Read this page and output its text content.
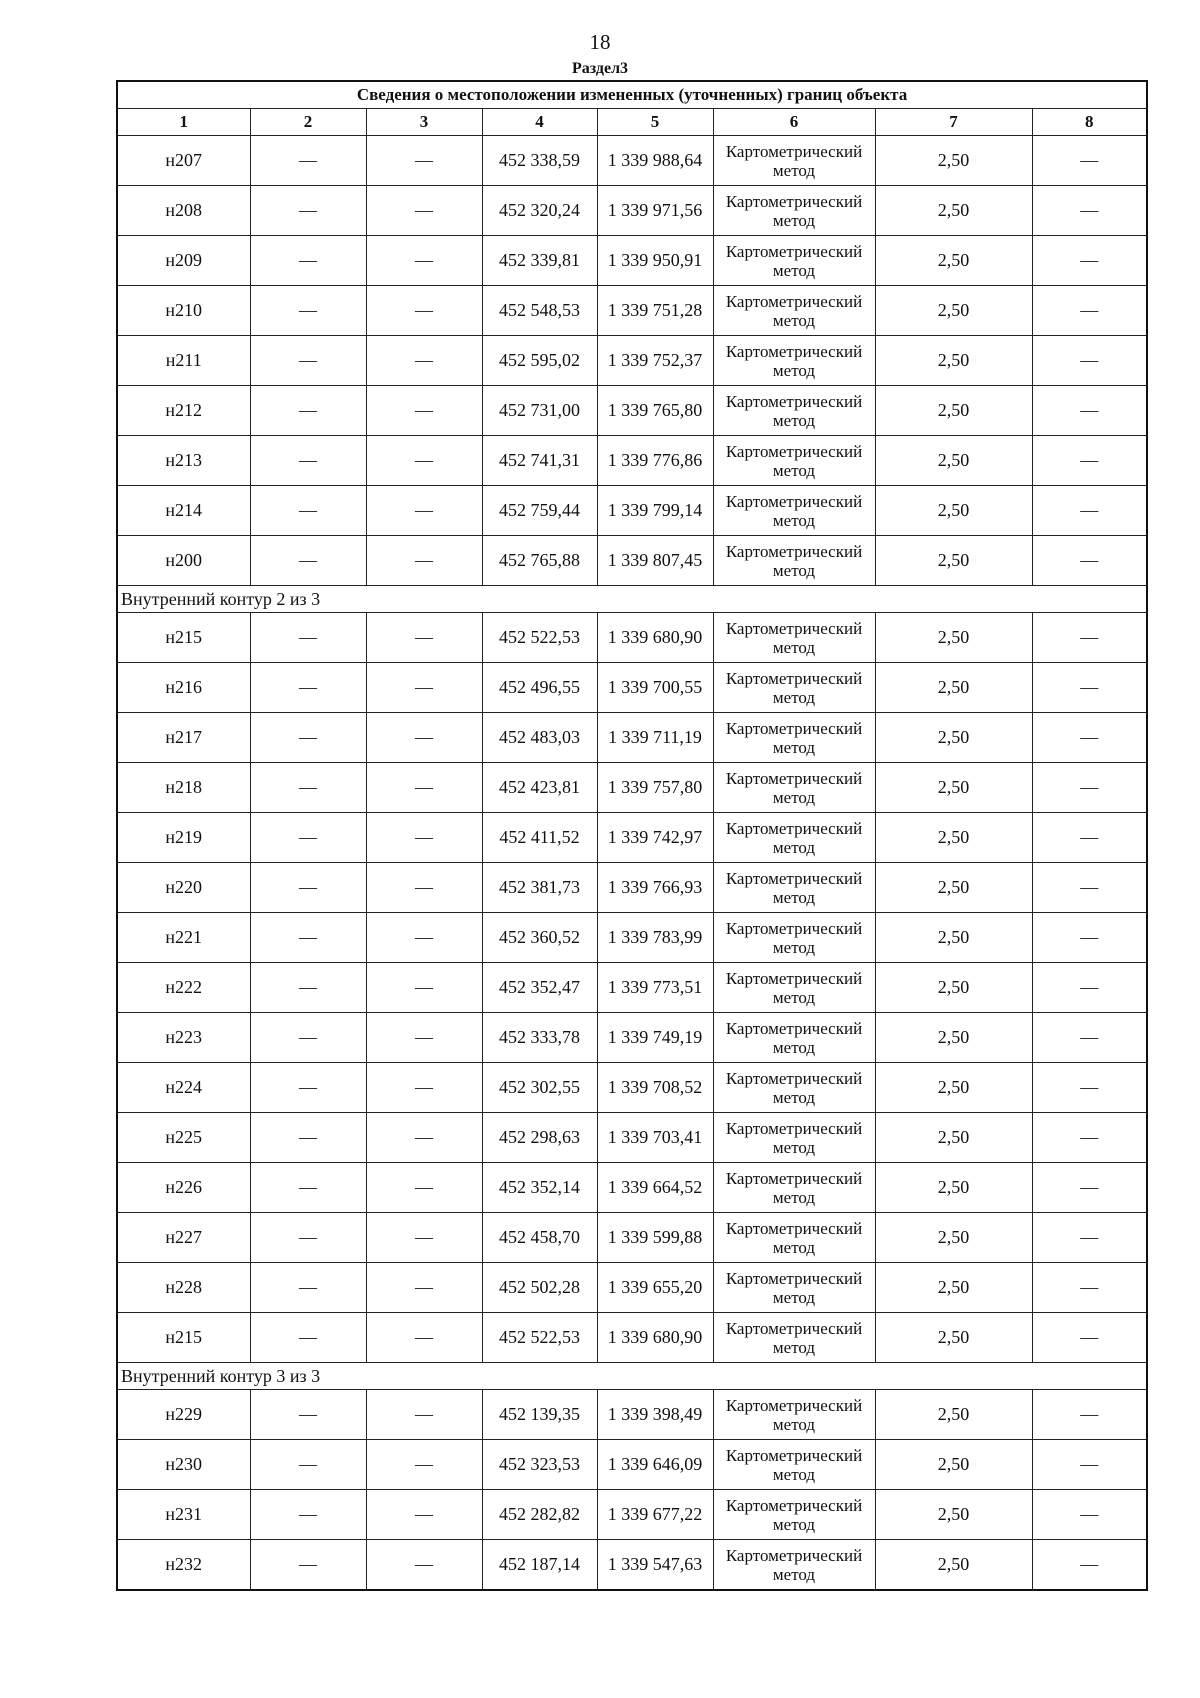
18
Раздел3
Сведения о местоположении измененных (уточненных) границ объекта							
1	2	3	4	5	6	7	8
н207	—	—	452 338,59	1 339 988,64	Картометрический метод	2,50	—
н208	—	—	452 320,24	1 339 971,56	Картометрический метод	2,50	—
н209	—	—	452 339,81	1 339 950,91	Картометрический метод	2,50	—
н210	—	—	452 548,53	1 339 751,28	Картометрический метод	2,50	—
н211	—	—	452 595,02	1 339 752,37	Картометрический метод	2,50	—
н212	—	—	452 731,00	1 339 765,80	Картометрический метод	2,50	—
н213	—	—	452 741,31	1 339 776,86	Картометрический метод	2,50	—
н214	—	—	452 759,44	1 339 799,14	Картометрический метод	2,50	—
н200	—	—	452 765,88	1 339 807,45	Картометрический метод	2,50	—
Внутренний контур 2 из 3							
н215	—	—	452 522,53	1 339 680,90	Картометрический метод	2,50	—
н216	—	—	452 496,55	1 339 700,55	Картометрический метод	2,50	—
н217	—	—	452 483,03	1 339 711,19	Картометрический метод	2,50	—
н218	—	—	452 423,81	1 339 757,80	Картометрический метод	2,50	—
н219	—	—	452 411,52	1 339 742,97	Картометрический метод	2,50	—
н220	—	—	452 381,73	1 339 766,93	Картометрический метод	2,50	—
н221	—	—	452 360,52	1 339 783,99	Картометрический метод	2,50	—
н222	—	—	452 352,47	1 339 773,51	Картометрический метод	2,50	—
н223	—	—	452 333,78	1 339 749,19	Картометрический метод	2,50	—
н224	—	—	452 302,55	1 339 708,52	Картометрический метод	2,50	—
н225	—	—	452 298,63	1 339 703,41	Картометрический метод	2,50	—
н226	—	—	452 352,14	1 339 664,52	Картометрический метод	2,50	—
н227	—	—	452 458,70	1 339 599,88	Картометрический метод	2,50	—
н228	—	—	452 502,28	1 339 655,20	Картометрический метод	2,50	—
н215	—	—	452 522,53	1 339 680,90	Картометрический метод	2,50	—
Внутренний контур 3 из 3							
н229	—	—	452 139,35	1 339 398,49	Картометрический метод	2,50	—
н230	—	—	452 323,53	1 339 646,09	Картометрический метод	2,50	—
н231	—	—	452 282,82	1 339 677,22	Картометрический метод	2,50	—
н232	—	—	452 187,14	1 339 547,63	Картометрический метод	2,50	—
